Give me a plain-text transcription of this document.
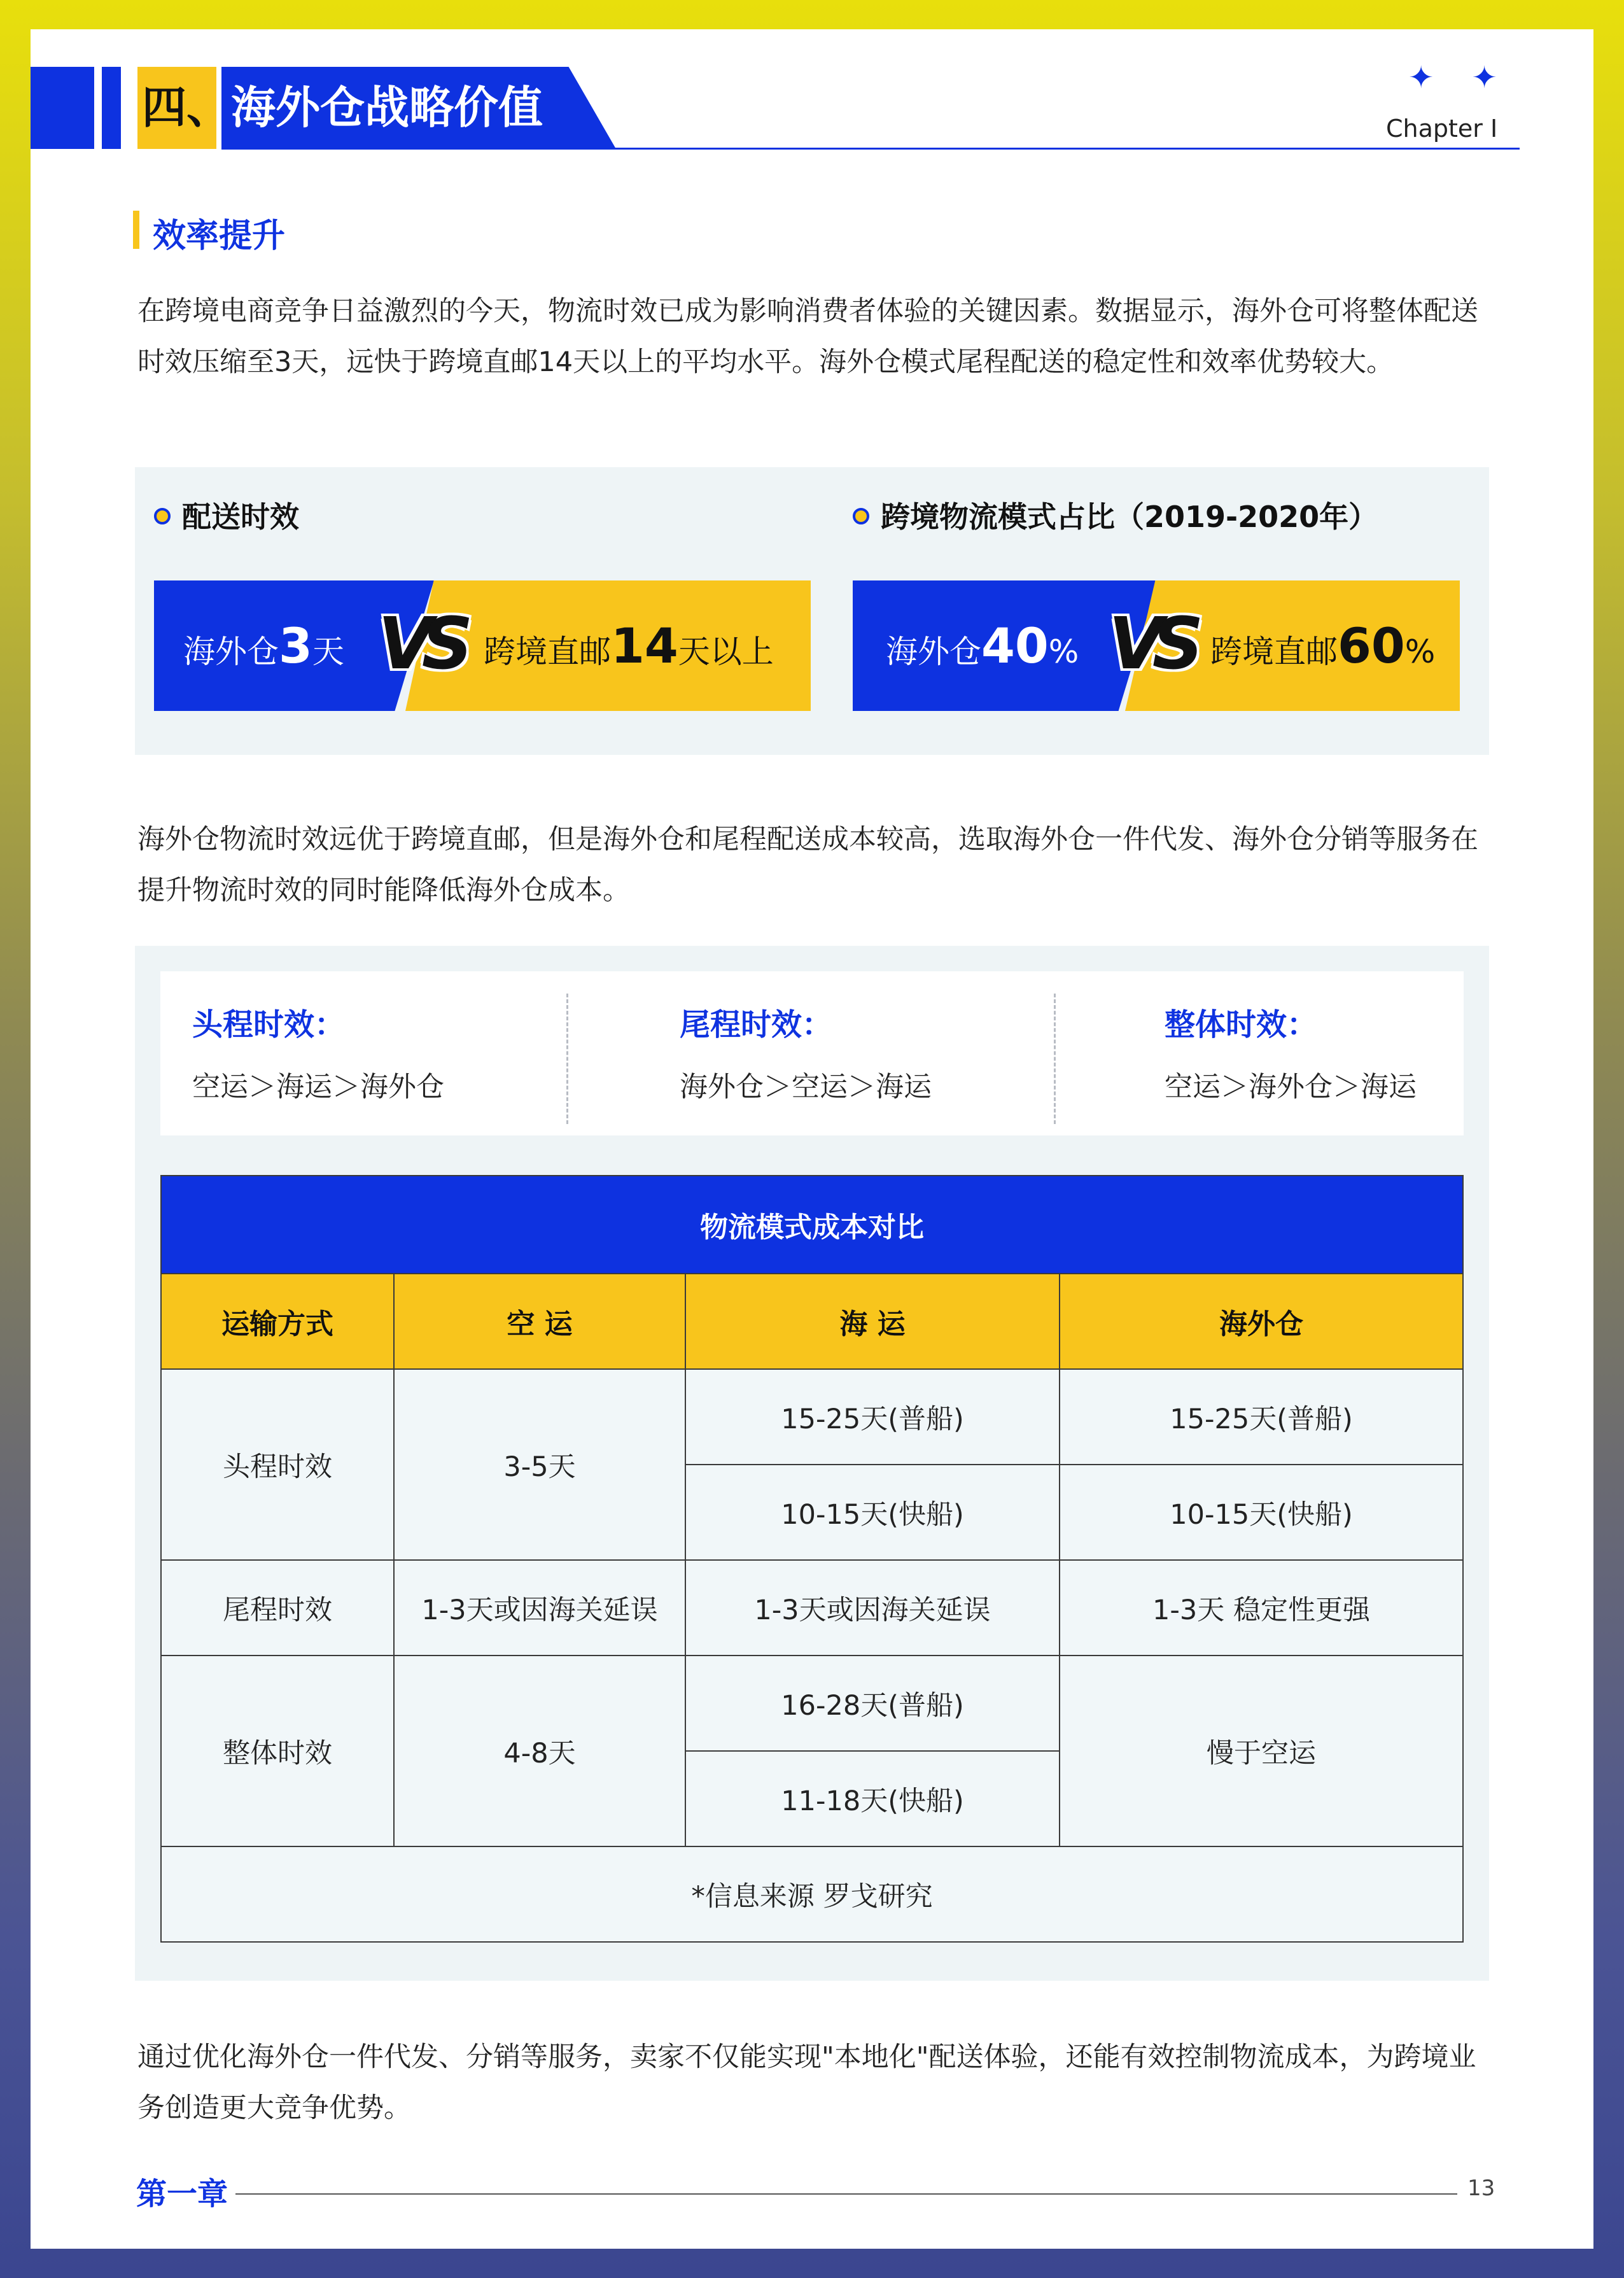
四、海外仓战略价值
✦ ✦
Chapter I
效率提升
在跨境电商竞争日益激烈的今天，物流时效已成为影响消费者体验的关键因素。数据显示，海外仓可将整体配送时效压缩至3天，远快于跨境直邮14天以上的平均水平。海外仓模式尾程配送的稳定性和效率优势较大。
配送时效
海外仓3天 VS 跨境直邮14天以上
跨境物流模式占比（2019-2020年）
海外仓40% VS 跨境直邮60%
海外仓物流时效远优于跨境直邮，但是海外仓和尾程配送成本较高，选取海外仓一件代发、海外仓分销等服务在提升物流时效的同时能降低海外仓成本。
头程时效：
空运＞海运＞海外仓
尾程时效：
海外仓＞空运＞海运
整体时效：
空运＞海外仓＞海运
物流模式成本对比			
运输方式	空 运	海 运	海外仓
头程时效	3-5天	15-25天(普船)	15-25天(普船)
		10-15天(快船)	10-15天(快船)
尾程时效	1-3天或因海关延误	1-3天或因海关延误	1-3天 稳定性更强
整体时效	4-8天	16-28天(普船)	慢于空运
		11-18天(快船)	
*信息来源 罗戈研究			
通过优化海外仓一件代发、分销等服务，卖家不仅能实现"本地化"配送体验，还能有效控制物流成本，为跨境业务创造更大竞争优势。
第一章	13
